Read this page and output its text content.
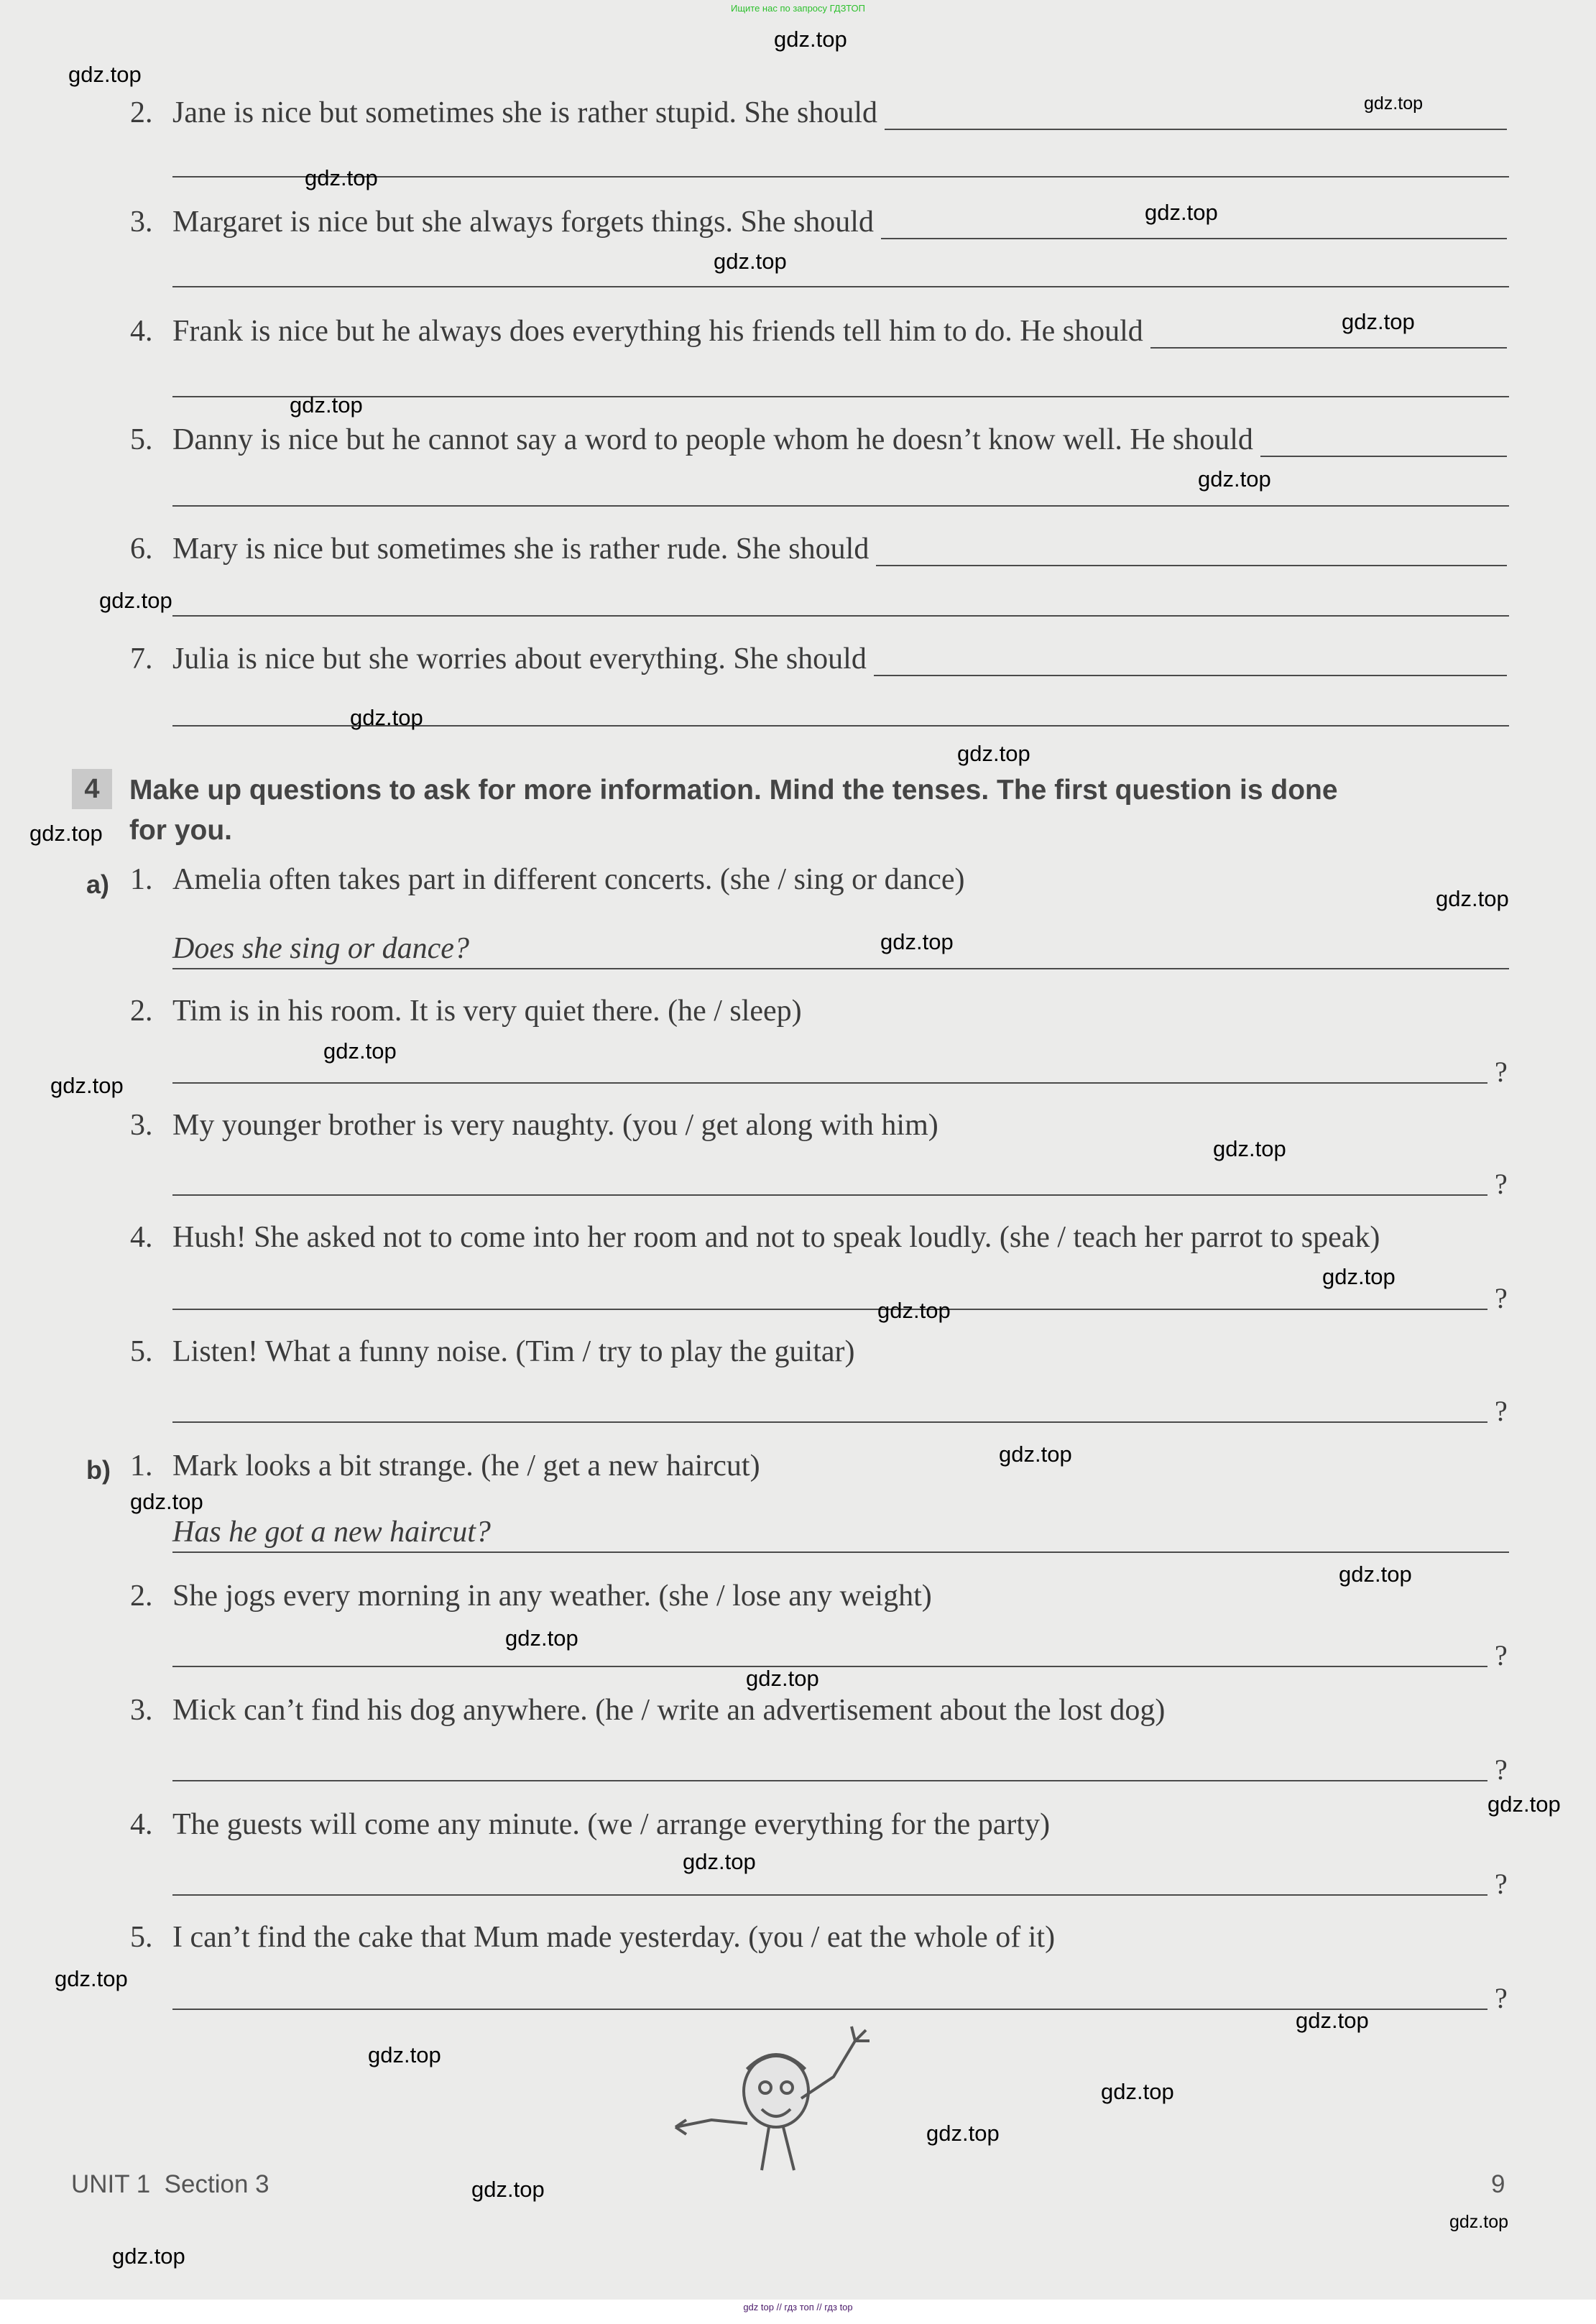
Ищите нас по запросу ГДЗТОП
2. Jane is nice but sometimes she is rather stupid. She should
3. Margaret is nice but she always forgets things. She should
4. Frank is nice but he always does everything his friends tell him to do. He should
5. Danny is nice but he cannot say a word to people whom he doesn’t know well. He should
6. Mary is nice but sometimes she is rather rude. She should
7. Julia is nice but she worries about everything. She should
4	Make up questions to ask for more information. Mind the tenses. The first question is done for you.
a) 1. Amelia often takes part in different concerts. (she / sing or dance)
Does she sing or dance?
2. Tim is in his room. It is very quiet there. (he / sleep)
?
3. My younger brother is very naughty. (you / get along with him)
?
4. Hush! She asked not to come into her room and not to speak loudly. (she / teach her parrot to speak)
?
5. Listen! What a funny noise. (Tim / try to play the guitar)
?
b) 1. Mark looks a bit strange. (he / get a new haircut)
Has he got a new haircut?
2. She jogs every morning in any weather. (she / lose any weight)
?
3. Mick can’t find his dog anywhere. (he / write an advertisement about the lost dog)
?
4. The guests will come any minute. (we / arrange everything for the party)
?
5. I can’t find the cake that Mum made yesterday. (you / eat the whole of it)
?
UNIT 1 Section 3	9
gdz.top
gdz.top
gdz.top
gdz.top
gdz.top
gdz.top
gdz.top
gdz.top
gdz.top
gdz.top
gdz.top
gdz.top
gdz.top
gdz.top
gdz.top
gdz.top
gdz.top
gdz.top
gdz.top
gdz.top
gdz.top
gdz.top
gdz.top
gdz.top
gdz.top
gdz.top
gdz.top
gdz.top
gdz.top
gdz.top
gdz.top
gdz.top
gdz.top
gdz.top
gdz.top
gdz top // гдз топ // гдз top
